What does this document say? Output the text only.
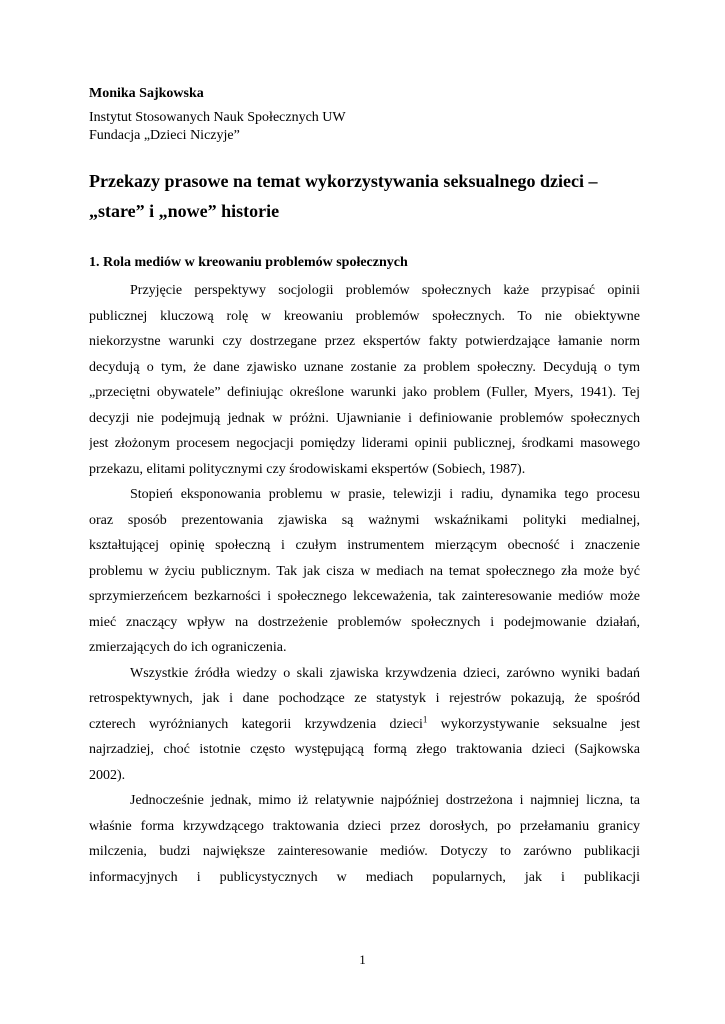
Monika Sajkowska
Instytut Stosowanych Nauk Społecznych UW
Fundacja „Dzieci Niczyje”
Przekazy prasowe na temat wykorzystywania seksualnego dzieci –
„stare” i „nowe” historie
1. Rola mediów w kreowaniu problemów społecznych
Przyjęcie perspektywy socjologii problemów społecznych każe przypisać opinii
publicznej kluczową rolę w kreowaniu problemów społecznych. To nie obiektywne
niekorzystne warunki czy dostrzegane przez ekspertów fakty potwierdzające łamanie norm
decydują o tym, że dane zjawisko uznane zostanie za problem społeczny. Decydują o tym
„przeciętni obywatele” definiując określone warunki jako problem (Fuller, Myers, 1941). Tej
decyzji nie podejmują jednak w próżni. Ujawnianie i definiowanie problemów społecznych
jest złożonym procesem negocjacji pomiędzy liderami opinii publicznej, środkami masowego
przekazu, elitami politycznymi czy środowiskami ekspertów (Sobiech, 1987).
Stopień eksponowania problemu w prasie, telewizji i radiu, dynamika tego procesu
oraz sposób prezentowania zjawiska są ważnymi wskaźnikami polityki medialnej,
kształtującej opinię społeczną i czułym instrumentem mierzącym obecność i znaczenie
problemu w życiu publicznym. Tak jak cisza w mediach na temat społecznego zła może być
sprzymierzeńcem bezkarności i społecznego lekceważenia, tak zainteresowanie mediów może
mieć znaczący wpływ na dostrzeżenie problemów społecznych i podejmowanie działań,
zmierzających do ich ograniczenia.
Wszystkie źródła wiedzy o skali zjawiska krzywdzenia dzieci, zarówno wyniki badań
retrospektywnych, jak i dane pochodzące ze statystyk i rejestrów pokazują, że spośród
czterech wyróżnianych kategorii krzywdzenia dzieci$^1$ wykorzystywanie seksualne jest
najrzadziej, choć istotnie często występującą formą złego traktowania dzieci (Sajkowska
2002).
Jednocześnie jednak, mimo iż relatywnie najpóźniej dostrzeżona i najmniej liczna, ta
właśnie forma krzywdzącego traktowania dzieci przez dorosłych, po przełamaniu granicy
milczenia, budzi największe zainteresowanie mediów. Dotyczy to zarówno publikacji
informacyjnych i publicystycznych w mediach popularnych, jak i publikacji
1
